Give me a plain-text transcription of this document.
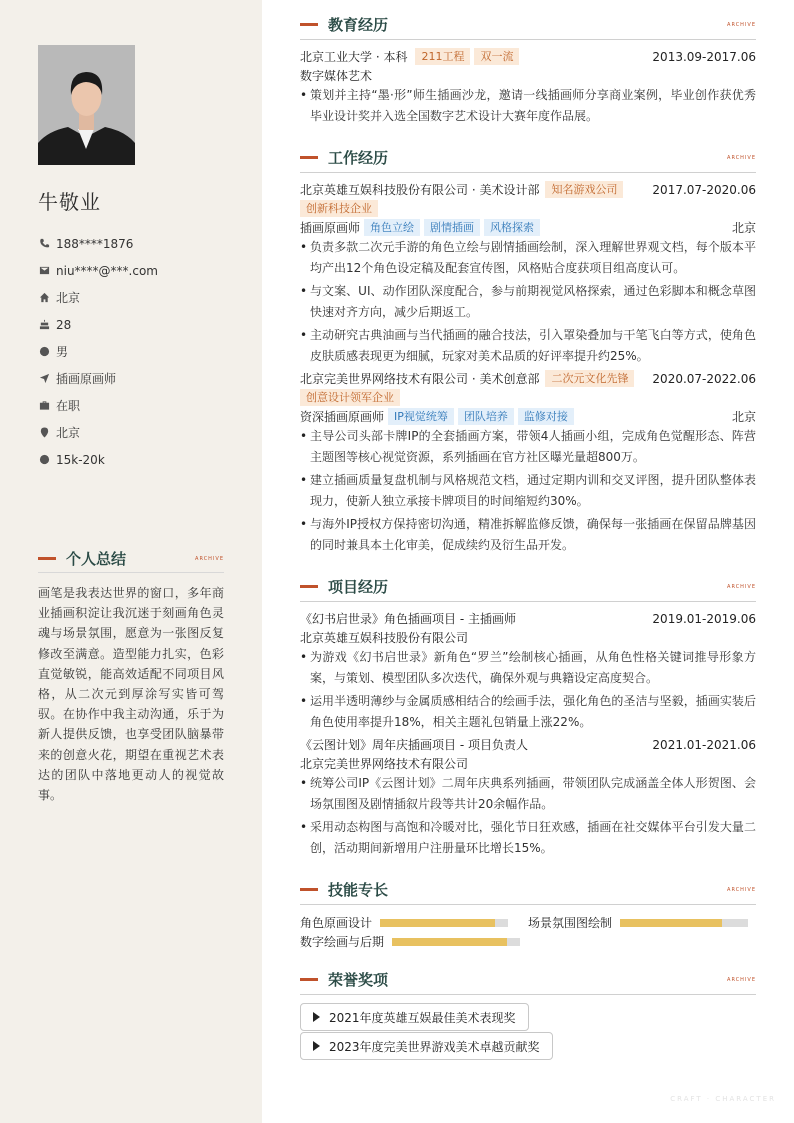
牛敬业
188****1876
niu****@***.com
北京
28
男
插画原画师
在职
北京
15k-20k
个人总结	ARCHIVE
画笔是我表达世界的窗口，多年商业插画积淀让我沉迷于刻画角色灵魂与场景氛围，愿意为一张图反复修改至满意。造型能力扎实，色彩直觉敏锐，能高效适配不同项目风格，从二次元到厚涂写实皆可驾驭。在协作中我主动沟通，乐于为新人提供反馈，也享受团队脑暴带来的创意火花，期望在重视艺术表达的团队中落地更动人的视觉故事。
教育经历	ARCHIVE
北京工业大学 · 本科	211工程	双一流	2013.09-2017.06
数字媒体艺术
• 策划并主持“墨·形”师生插画沙龙，邀请一线插画师分享商业案例，毕业创作获优秀毕业设计奖并入选全国数字艺术设计大赛年度作品展。
工作经历	ARCHIVE
北京英雄互娱科技股份有限公司 · 美术设计部	知名游戏公司	2017.07-2020.06
创新科技企业
插画原画师 角色立绘	剧情插画	风格探索	北京
• 负责多款二次元手游的角色立绘与剧情插画绘制，深入理解世界观文档，每个版本平均产出12个角色设定稿及配套宣传图，风格贴合度获项目组高度认可。
• 与文案、UI、动作团队深度配合，参与前期视觉风格探索，通过色彩脚本和概念草图快速对齐方向，减少后期返工。
• 主动研究古典油画与当代插画的融合技法，引入罩染叠加与干笔飞白等方式，使角色皮肤质感表现更为细腻，玩家对美术品质的好评率提升约25%。
北京完美世界网络技术有限公司 · 美术创意部	二次元文化先锋	2020.07-2022.06
创意设计领军企业
资深插画原画师 IP视觉统筹	团队培养	监修对接	北京
• 主导公司头部卡牌IP的全套插画方案，带领4人插画小组，完成角色觉醒形态、阵营主题图等核心视觉资源，系列插画在官方社区曝光量超800万。
• 建立插画质量复盘机制与风格规范文档，通过定期内训和交叉评图，提升团队整体表现力，使新人独立承接卡牌项目的时间缩短约30%。
• 与海外IP授权方保持密切沟通，精准拆解监修反馈，确保每一张插画在保留品牌基因的同时兼具本土化审美，促成续约及衍生品开发。
项目经历	ARCHIVE
《幻书启世录》角色插画项目 - 主插画师	2019.01-2019.06
北京英雄互娱科技股份有限公司
• 为游戏《幻书启世录》新角色“罗兰”绘制核心插画，从角色性格关键词推导形象方案，与策划、模型团队多次迭代，确保外观与典籍设定高度契合。
• 运用半透明薄纱与金属质感相结合的绘画手法，强化角色的圣洁与坚毅，插画实装后角色使用率提升18%，相关主题礼包销量上涨22%。
《云图计划》周年庆插画项目 - 项目负责人	2021.01-2021.06
北京完美世界网络技术有限公司
• 统筹公司IP《云图计划》二周年庆典系列插画，带领团队完成涵盖全体人形贺图、会场氛围图及剧情插叙片段等共计20余幅作品。
• 采用动态构图与高饱和冷暖对比，强化节日狂欢感，插画在社交媒体平台引发大量二创，活动期间新增用户注册量环比增长15%。
技能专长	ARCHIVE
角色原画设计	场景氛围图绘制
数字绘画与后期
荣誉奖项	ARCHIVE
2021年度英雄互娱最佳美术表现奖
2023年度完美世界游戏美术卓越贡献奖
CRAFT · CHARACTER
